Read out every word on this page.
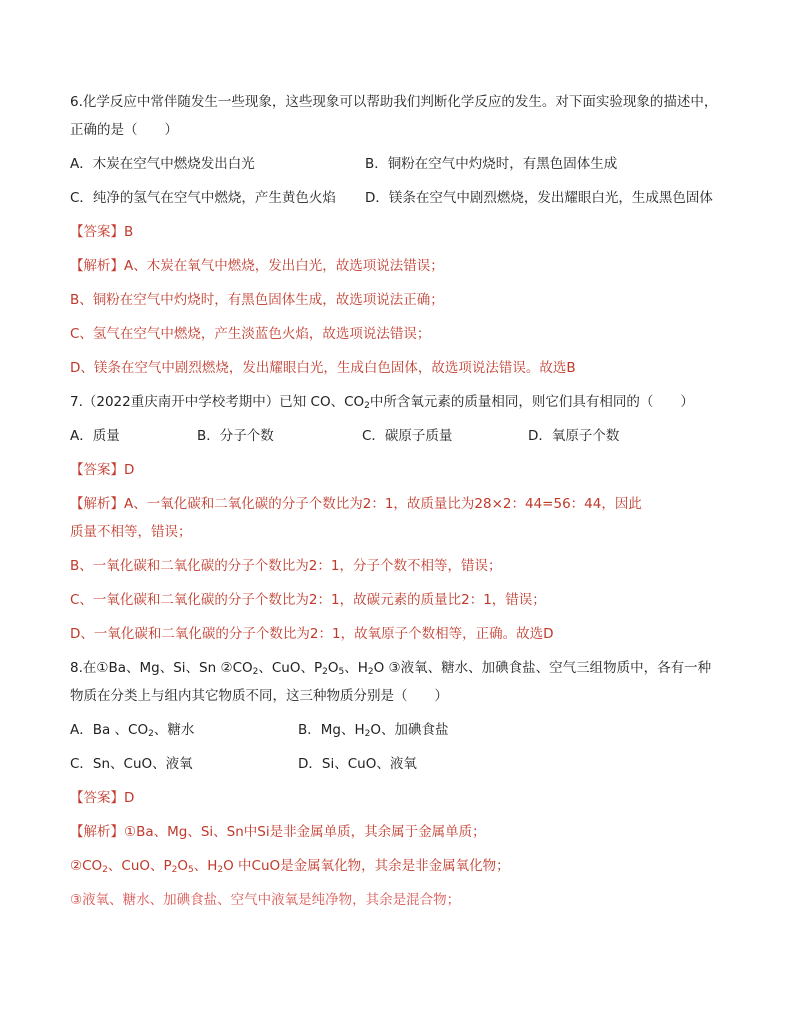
6.化学反应中常伴随发生一些现象，这些现象可以帮助我们判断化学反应的发生。对下面实验现象的描述中，
正确的是（　　）
A．木炭在空气中燃烧发出白光	B．铜粉在空气中灼烧时，有黑色固体生成
C．纯净的氢气在空气中燃烧，产生黄色火焰 D．镁条在空气中剧烈燃烧，发出耀眼白光，生成黑色固体
【答案】B
【解析】A、木炭在氧气中燃烧，发出白光，故选项说法错误；
B、铜粉在空气中灼烧时，有黑色固体生成，故选项说法正确；
C、氢气在空气中燃烧，产生淡蓝色火焰，故选项说法错误；
D、镁条在空气中剧烈燃烧，发出耀眼白光，生成白色固体，故选项说法错误。故选B
7.（2022重庆南开中学校考期中）已知 CO、$CO_2$中所含氧元素的质量相同，则它们具有相同的（　　）
A．质量	B．分子个数	C．碳原子质量	D．氧原子个数
【答案】D
【解析】A、一氧化碳和二氧化碳的分子个数比为2：1，故质量比为28×2：44=56：44，因此
质量不相等，错误；
B、一氧化碳和二氧化碳的分子个数比为2：1，分子个数不相等，错误；
C、一氧化碳和二氧化碳的分子个数比为2：1，故碳元素的质量比2：1，错误；
D、一氧化碳和二氧化碳的分子个数比为2：1，故氧原子个数相等，正确。故选D
8.在①Ba、Mg、Si、Sn $②CO_2$、CuO、$P_2O_5$、$H_2O$ ③液氧、糖水、加碘食盐、空气三组物质中，各有一种
物质在分类上与组内其它物质不同，这三种物质分别是（　　）
A．Ba 、$CO_2$、糖水	B．Mg、$H_2O$、加碘食盐
C．Sn、CuO、液氧	D．Si、CuO、液氧
【答案】D
【解析】①Ba、Mg、Si、Sn中Si是非金属单质，其余属于金属单质；
$②CO_2$、CuO、$P_2O_5$、$H_2O$ 中CuO是金属氧化物，其余是非金属氧化物；
③液氧、糖水、加碘食盐、空气中液氧是纯净物，其余是混合物；
